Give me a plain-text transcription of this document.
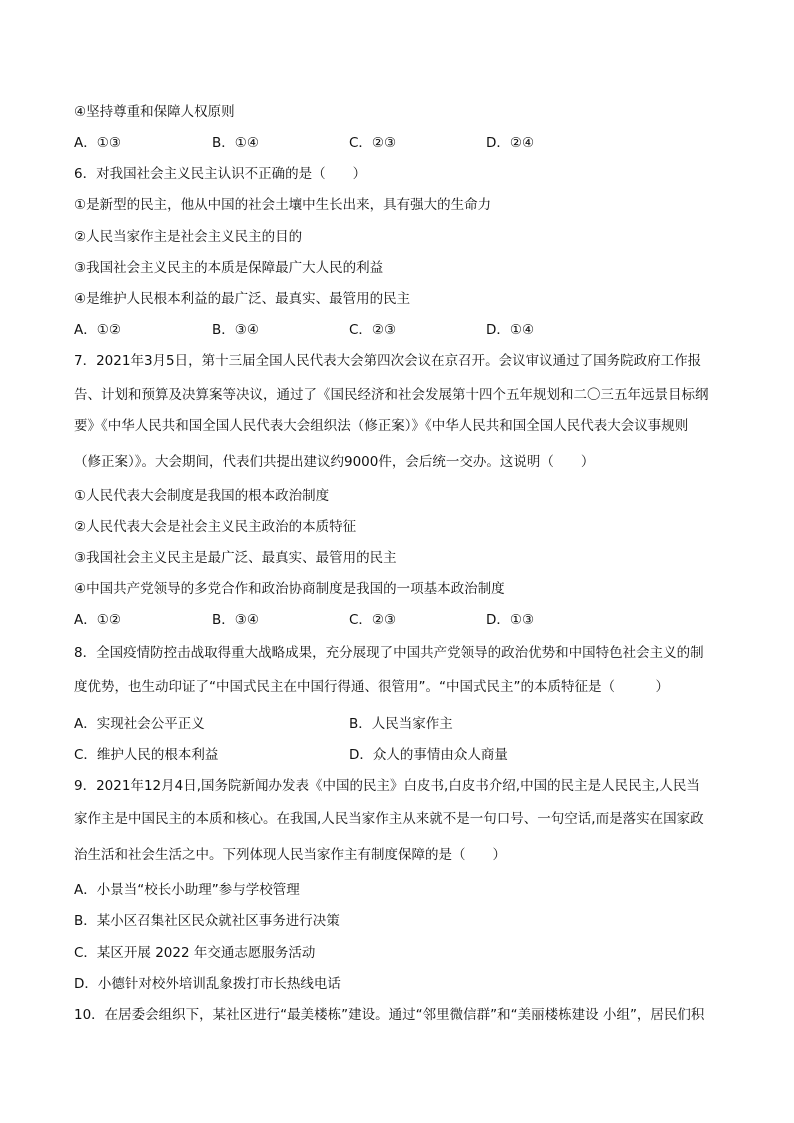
④坚持尊重和保障人权原则
A．①③	B．①④	C．②③	D．②④
6．对我国社会主义民主认识不正确的是（　　）
①是新型的民主，他从中国的社会土壤中生长出来，具有强大的生命力
②人民当家作主是社会主义民主的目的
③我国社会主义民主的本质是保障最广大人民的利益
④是维护人民根本利益的最广泛、最真实、最管用的民主
A．①②	B．③④	C．②③	D．①④
7．2021年3月5日，第十三届全国人民代表大会第四次会议在京召开。会议审议通过了国务院政府工作报
告、计划和预算及决算案等决议，通过了《国民经济和社会发展第十四个五年规划和二〇三五年远景目标纲
要》《中华人民共和国全国人民代表大会组织法（修正案）》《中华人民共和国全国人民代表大会议事规则
（修正案）》。大会期间，代表们共提出建议约9000件，会后统一交办。这说明（　　）
①人民代表大会制度是我国的根本政治制度
②人民代表大会是社会主义民主政治的本质特征
③我国社会主义民主是最广泛、最真实、最管用的民主
④中国共产党领导的多党合作和政治协商制度是我国的一项基本政治制度
A．①②	B．③④	C．②③	D．①③
8．全国疫情防控击战取得重大战略成果，充分展现了中国共产党领导的政治优势和中国特色社会主义的制
度优势，也生动印证了“中国式民主在中国行得通、很管用”。“中国式民主”的本质特征是（　　　）
A．实现社会公平正义	B．人民当家作主
C．维护人民的根本利益	D．众人的事情由众人商量
9．2021年12月4日,国务院新闻办发表《中国的民主》白皮书,白皮书介绍,中国的民主是人民民主,人民当
家作主是中国民主的本质和核心。在我国,人民当家作主从来就不是一句口号、一句空话,而是落实在国家政
治生活和社会生活之中。下列体现人民当家作主有制度保障的是（　　）
A．小景当“校长小助理”参与学校管理
B．某小区召集社区民众就社区事务进行决策
C．某区开展 2022 年交通志愿服务活动
D．小德针对校外培训乱象拨打市长热线电话
10．在居委会组织下，某社区进行“最美楼栋”建设。通过“邻里微信群”和“美丽楼栋建设 小组”，居民们积
